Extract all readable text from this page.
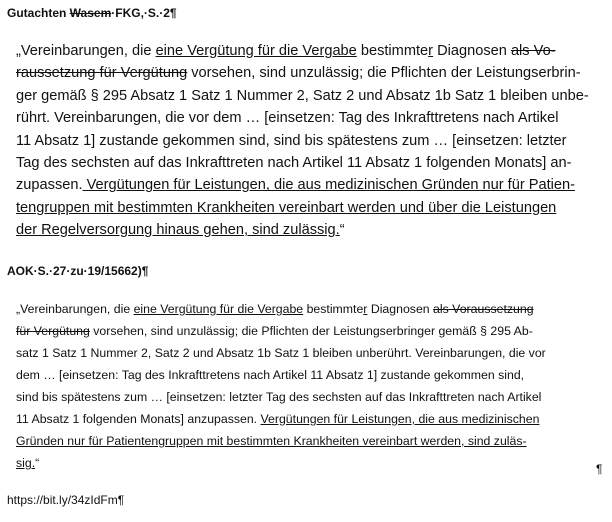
Gutachten Wasem·FKG,·S.·2¶
„Vereinbarungen, die eine Vergütung für die Vergabe bestimmter Diagnosen als Vo-
raussetzung für Vergütung vorsehen, sind unzulässig; die Pflichten der Leistungserbrin-
ger gemäß § 295 Absatz 1 Satz 1 Nummer 2, Satz 2 und Absatz 1b Satz 1 bleiben unbe-
rührt. Vereinbarungen, die vor dem … [einsetzen: Tag des Inkrafttretens nach Artikel
11 Absatz 1] zustande gekommen sind, sind bis spätestens zum … [einsetzen: letzter
Tag des sechsten auf das Inkrafttreten nach Artikel 11 Absatz 1 folgenden Monats] an-
zupassen. Vergütungen für Leistungen, die aus medizinischen Gründen nur für Patien-
tengruppen mit bestimmten Krankheiten vereinbart werden und über die Leistungen
der Regelversorgung hinaus gehen, sind zulässig.“
AOK·S.·27·zu·19/15662)¶
„Vereinbarungen, die eine Vergütung für die Vergabe bestimmter Diagnosen als Voraussetzung
für Vergütung vorsehen, sind unzulässig; die Pflichten der Leistungserbringer gemäß § 295 Ab-
satz 1 Satz 1 Nummer 2, Satz 2 und Absatz 1b Satz 1 bleiben unberührt. Vereinbarungen, die vor
dem … [einsetzen: Tag des Inkrafttretens nach Artikel 11 Absatz 1] zustande gekommen sind,
sind bis spätestens zum … [einsetzen: letzter Tag des sechsten auf das Inkrafttreten nach Artikel
11 Absatz 1 folgenden Monats] anzupassen. Vergütungen für Leistungen, die aus medizinischen
Gründen nur für Patientengruppen mit bestimmten Krankheiten vereinbart werden, sind zuläs-
sig.“	¶
https://bit.ly/34zIdFm¶
